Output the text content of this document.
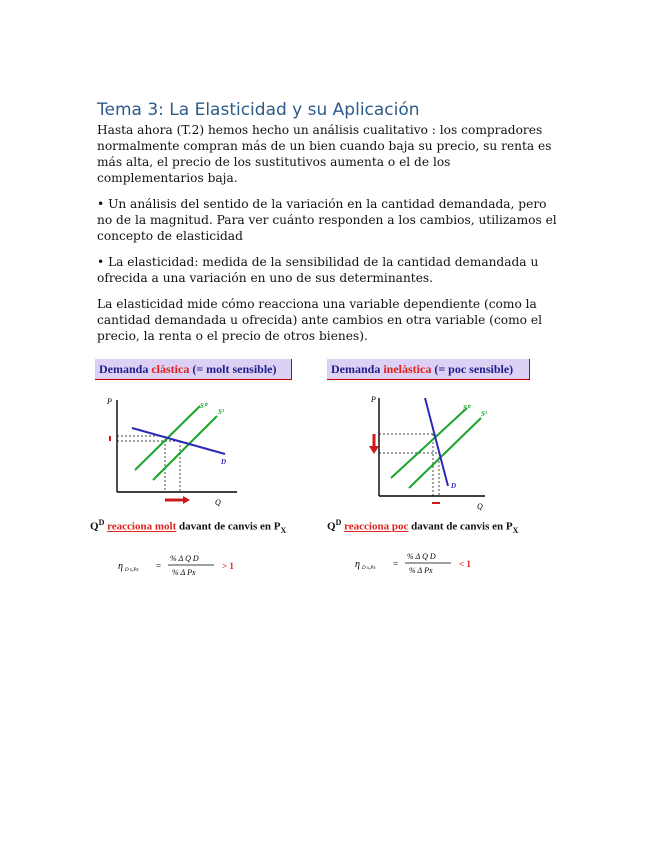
Tema 3: La Elasticidad y su Aplicación

Hasta ahora (T.2) hemos hecho un análisis cualitativo : los compradores normalmente compran más de un bien cuando baja su precio, su renta es más alta, el precio de los sustitutivos aumenta o el de los complementarios baja.

• Un análisis del sentido de la variación en la cantidad demandada, pero no de la magnitud. Para ver cuánto responden a los cambios, utilizamos el concepto de elasticidad

• La elasticidad: medida de la sensibilidad de la cantidad demandada u ofrecida a una variación en uno de sus determinantes.

La elasticidad mide cómo reacciona una variable dependiente (como la cantidad demandada u ofrecida) ante cambios en otra variable (como el precio, la renta o el precio de otros bienes).

Demanda clàstica (= molt sensible)
P
Q
S⁰
S¹
D
$Q^D$ reacciona molt davant de canvis en $P_X$
η D x,Px =
% Δ Q D
% Δ Px
> 1
Demanda inelàstica (= poc sensible)
P
Q
S⁰
S¹
D
$Q^D$ reacciona poc davant de canvis en $P_X$
η D x,Px =
% Δ Q D
% Δ Px
< 1
